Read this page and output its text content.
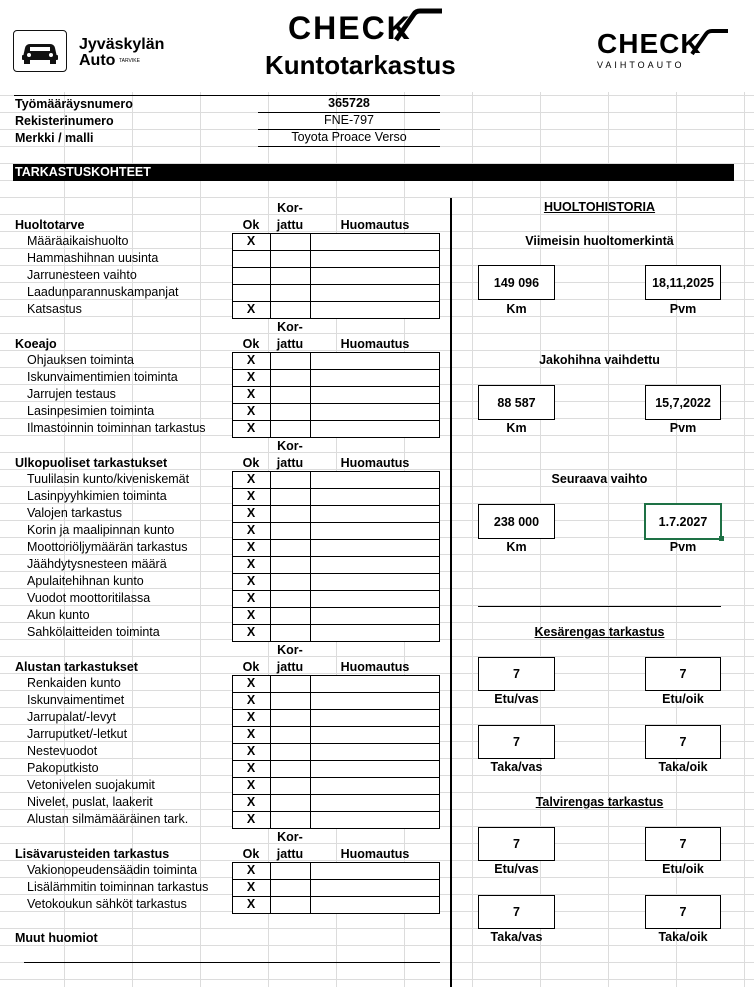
Jyväskylän
Auto TARVIKE
CHECK
Kuntotarkastus
CHECK
VAIHTOAUTO
Työmääräysnumero	365728
Rekisterinumero	FNE-797
Merkki / malli	Toyota Proace Verso
TARKASTUSKOHTEET
Kor-
Huoltotarve	Ok	jattu	Huomautus
Määräaikaishuolto	X
Hammashihnan uusinta
Jarrunesteen vaihto
Laadunparannuskampanjat
Katsastus	X
Kor-
Koeajo	Ok	jattu	Huomautus
Ohjauksen toiminta	X
Iskunvaimentimien toiminta	X
Jarrujen testaus	X
Lasinpesimien toiminta	X
Ilmastoinnin toiminnan tarkastus	X
Kor-
Ulkopuoliset tarkastukset	Ok	jattu	Huomautus
Tuulilasin kunto/kiveniskemät	X
Lasinpyyhkimien toiminta	X
Valojen tarkastus	X
Korin ja maalipinnan kunto	X
Moottoriöljymäärän tarkastus	X
Jäähdytysnesteen määrä	X
Apulaitehihnan kunto	X
Vuodot moottoritilassa	X
Akun kunto	X
Sahkölaitteiden toiminta	X
Kor-
Alustan tarkastukset	Ok	jattu	Huomautus
Renkaiden kunto	X
Iskunvaimentimet	X
Jarrupalat/-levyt	X
Jarruputket/-letkut	X
Nestevuodot	X
Pakoputkisto	X
Vetonivelen suojakumit	X
Nivelet, puslat, laakerit	X
Alustan silmämääräinen tark.	X
Kor-
Lisävarusteiden tarkastus	Ok	jattu	Huomautus
Vakionopeudensäädin toiminta	X
Lisälämmitin toiminnan tarkastus	X
Vetokoukun sähköt tarkastus	X
Muut huomiot
HUOLTOHISTORIA
Viimeisin huoltomerkintä
149 096	18,11,2025
Km	Pvm
Jakohihna vaihdettu
88 587	15,7,2022
Km	Pvm
Seuraava vaihto
238 000	1.7.2027
Km	Pvm
Kesärengas tarkastus
7	7
Etu/vas	Etu/oik
7	7
Taka/vas	Taka/oik
Talvirengas tarkastus
7	7
Etu/vas	Etu/oik
7	7
Taka/vas	Taka/oik
